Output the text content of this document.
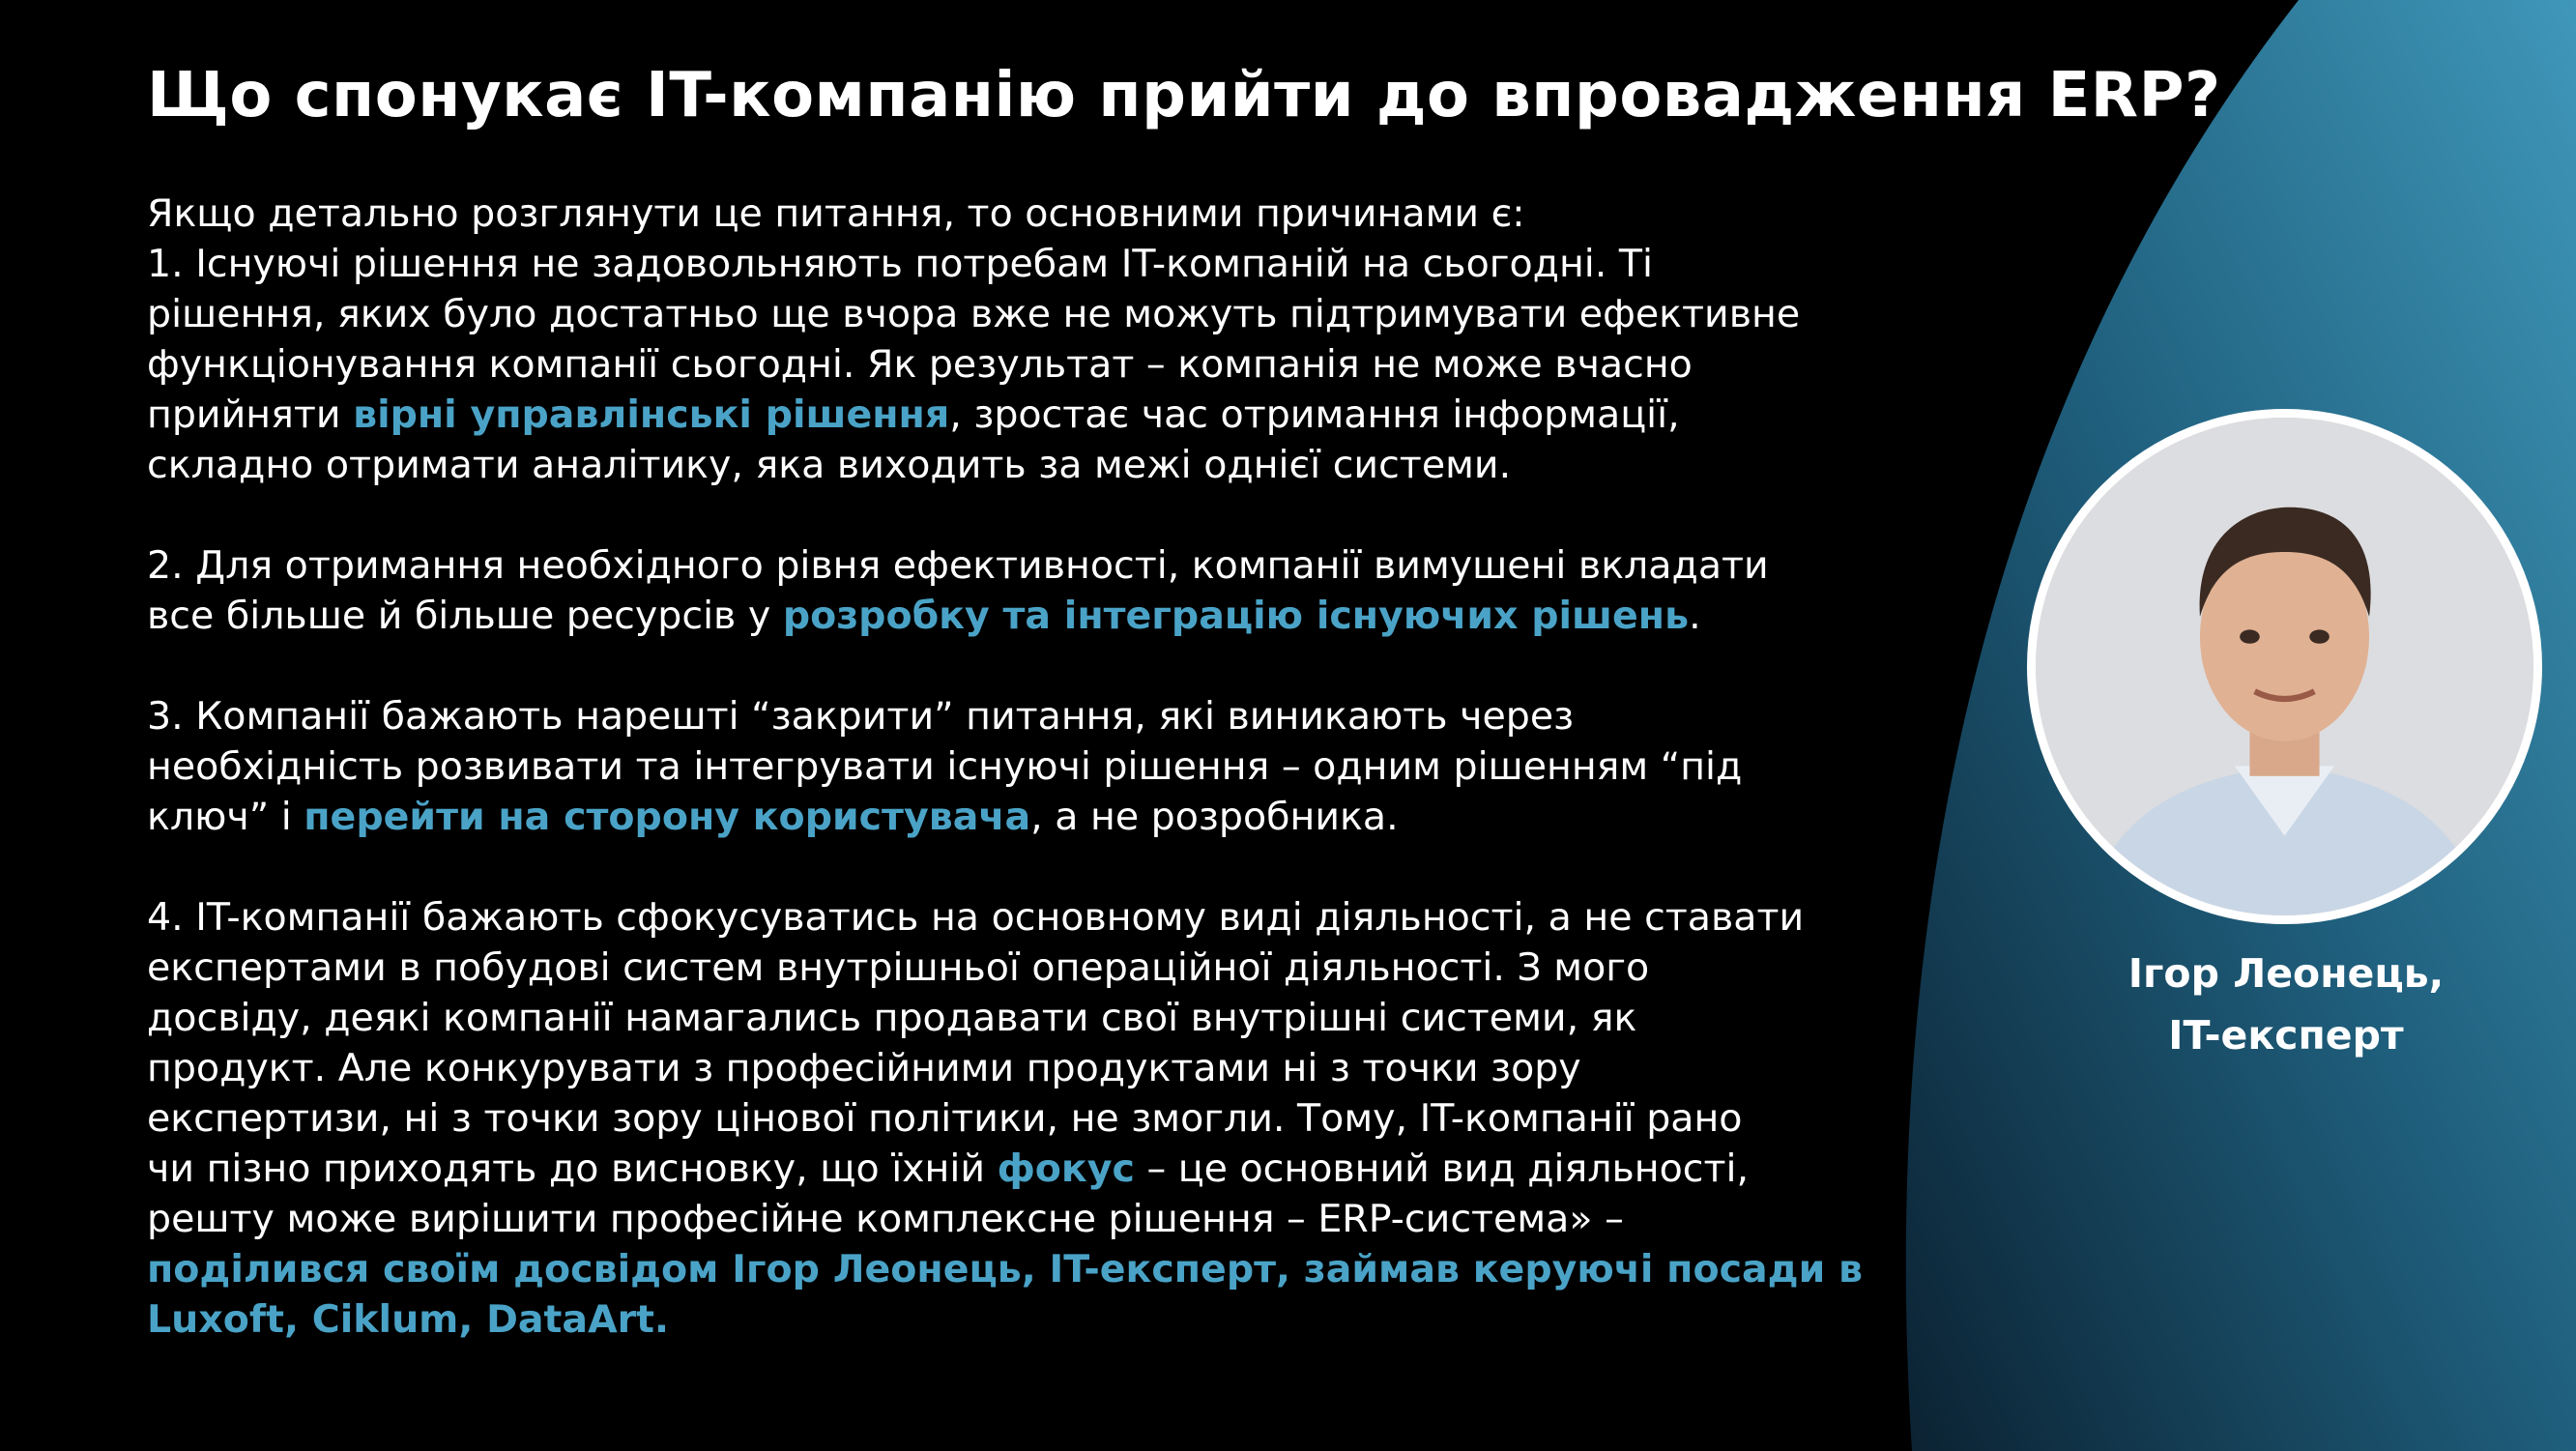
Що спонукає IT-компанію прийти до впровадження ERP?

Якщо детально розглянути це питання, то основними причинами є:

1. Існуючі рішення не задовольняють потребам IT-компаній на сьогодні. Ті

рішення, яких було достатньо ще вчора вже не можуть підтримувати ефективне

функціонування компанії сьогодні. Як результат – компанія не може вчасно

прийняти вірні управлінські рішення, зростає час отримання інформації,

складно отримати аналітику, яка виходить за межі однієї системи.

2. Для отримання необхідного рівня ефективності, компанії вимушені вкладати

все більше й більше ресурсів у розробку та інтеграцію існуючих рішень.

3. Компанії бажають нарешті “закрити” питання, які виникають через

необхідність розвивати та інтегрувати існуючі рішення – одним рішенням “під

ключ” і перейти на сторону користувача, а не розробника.

4. IT-компанії бажають сфокусуватись на основному виді діяльності, а не ставати

експертами в побудові систем внутрішньої операційної діяльності. З мого

досвіду, деякі компанії намагались продавати свої внутрішні системи, як

продукт. Але конкурувати з професійними продуктами ні з точки зору

експертизи, ні з точки зору цінової політики, не змогли. Тому, IT-компанії рано

чи пізно приходять до висновку, що їхній фокус – це основний вид діяльності,

решту може вирішити професійне комплексне рішення – ERP-система» –

поділився своїм досвідом Ігор Леонець, IT-експерт, займав керуючі посади в

Luxoft, Ciklum, DataArt.

Ігор Леонець,
IT-експерт
